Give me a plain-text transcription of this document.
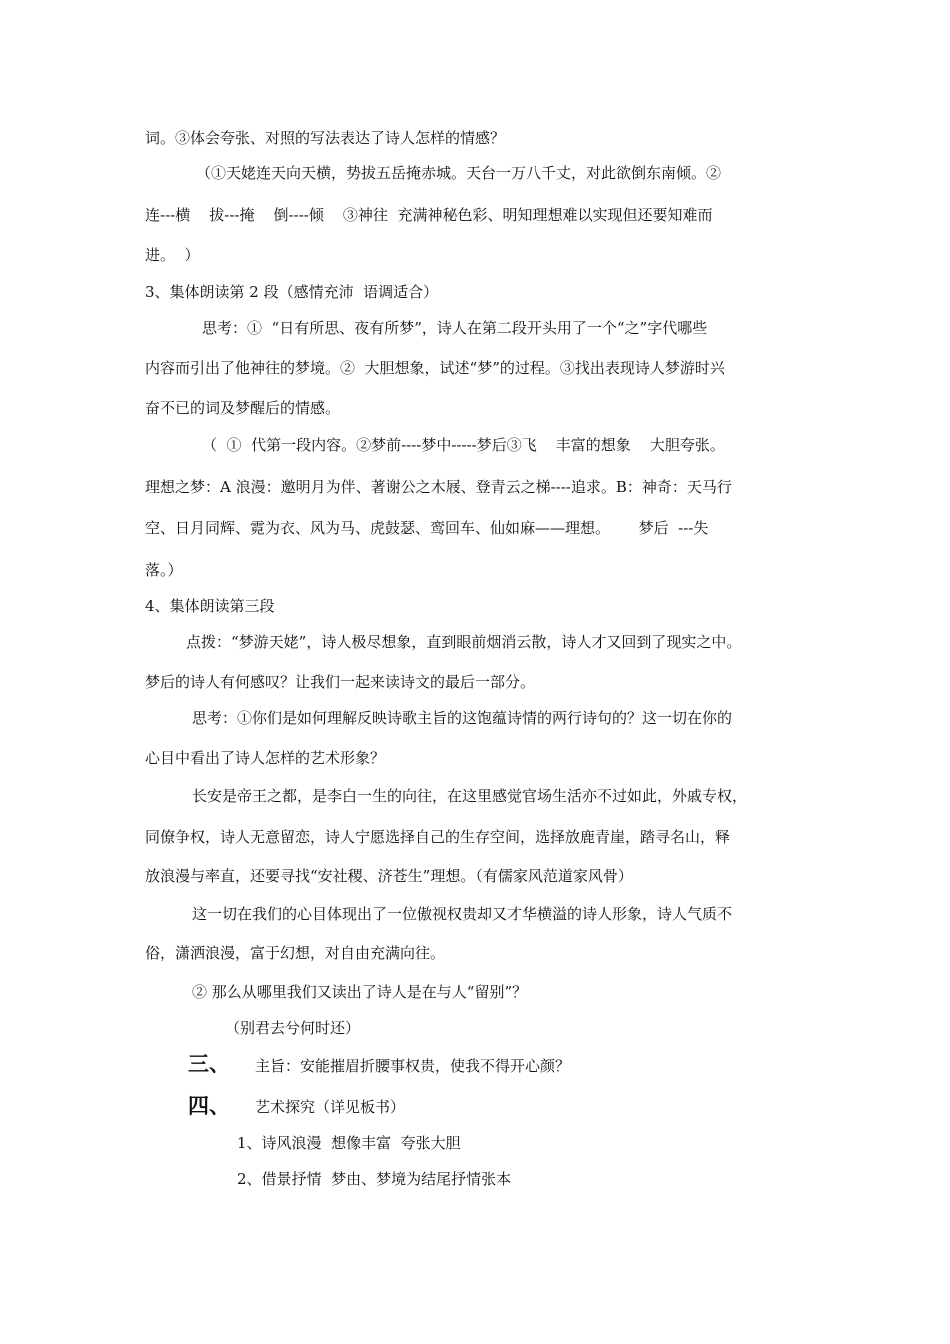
词。③体会夸张、对照的写法表达了诗人怎样的情感？
（①天姥连天向天横，势拔五岳掩赤城。天台一万八千丈，对此欲倒东南倾。②
连---横    拔---掩    倒----倾    ③神往  充满神秘色彩、明知理想难以实现但还要知难而
进。  ）
3、集体朗读第 2 段（感情充沛  语调适合）
思考：①  “日有所思、夜有所梦”，诗人在第二段开头用了一个“之”字代哪些
内容而引出了他神往的梦境。②  大胆想象，试述“梦”的过程。③找出表现诗人梦游时兴
奋不已的词及梦醒后的情感。
（  ①  代第一段内容。②梦前----梦中-----梦后③飞    丰富的想象    大胆夸张。
理想之梦：A 浪漫：邀明月为伴、著谢公之木屐、登青云之梯----追求。B：神奇：天马行
空、日月同辉、霓为衣、风为马、虎鼓瑟、鸾回车、仙如麻——理想。      梦后  ---失
落。）
4、集体朗读第三段
点拨：“梦游天姥”，诗人极尽想象，直到眼前烟消云散，诗人才又回到了现实之中。
梦后的诗人有何感叹？让我们一起来读诗文的最后一部分。
思考：①你们是如何理解反映诗歌主旨的这饱蕴诗情的两行诗句的？这一切在你的
心目中看出了诗人怎样的艺术形象？
长安是帝王之都，是李白一生的向往，在这里感觉官场生活亦不过如此，外戚专权，
同僚争权，诗人无意留恋，诗人宁愿选择自己的生存空间，选择放鹿青崖，踏寻名山，释
放浪漫与率直，还要寻找“安社稷、济苍生”理想。（有儒家风范道家风骨）
这一切在我们的心目体现出了一位傲视权贵却又才华横溢的诗人形象，诗人气质不
俗，潇洒浪漫，富于幻想，对自由充满向往。
② 那么从哪里我们又读出了诗人是在与人“留别”？
（别君去兮何时还）
三、 主旨：安能摧眉折腰事权贵，使我不得开心颜？
四、 艺术探究（详见板书）
1、诗风浪漫  想像丰富  夸张大胆
2、借景抒情  梦由、梦境为结尾抒情张本
